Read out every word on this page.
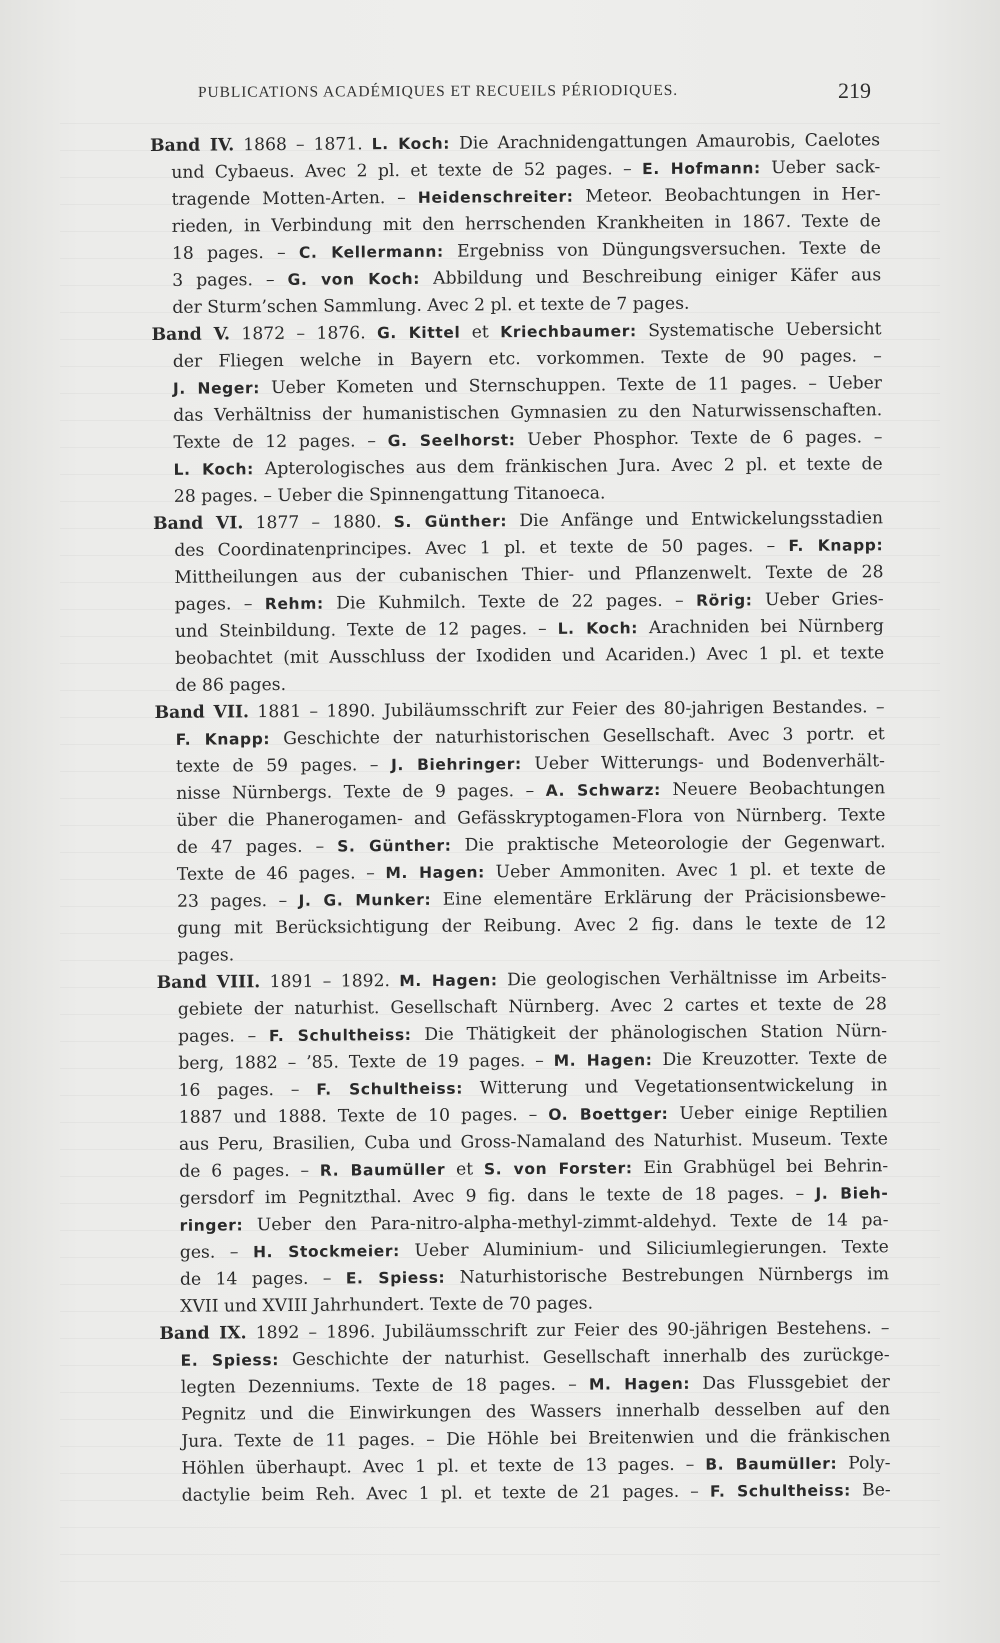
PUBLICATIONS ACADÉMIQUES ET RECUEILS PÉRIODIQUES.	219
Band IV. 1868 – 1871. L. Koch: Die Arachnidengattungen Amaurobis, Caelotes
und Cybaeus. Avec 2 pl. et texte de 52 pages. – E. Hofmann: Ueber sack-
tragende Motten-Arten. – Heidenschreiter: Meteor. Beobachtungen in Her-
rieden, in Verbindung mit den herrschenden Krankheiten in 1867. Texte de
18 pages. – C. Kellermann: Ergebniss von Düngungsversuchen. Texte de
3 pages. – G. von Koch: Abbildung und Beschreibung einiger Käfer aus
der Sturm’schen Sammlung. Avec 2 pl. et texte de 7 pages.
Band V. 1872 – 1876. G. Kittel et Kriechbaumer: Systematische Uebersicht
der Fliegen welche in Bayern etc. vorkommen. Texte de 90 pages. –
J. Neger: Ueber Kometen und Sternschuppen. Texte de 11 pages. – Ueber
das Verhältniss der humanistischen Gymnasien zu den Naturwissenschaften.
Texte de 12 pages. – G. Seelhorst: Ueber Phosphor. Texte de 6 pages. –
L. Koch: Apterologisches aus dem fränkischen Jura. Avec 2 pl. et texte de
28 pages. – Ueber die Spinnengattung Titanoeca.
Band VI. 1877 – 1880. S. Günther: Die Anfänge und Entwickelungsstadien
des Coordinatenprincipes. Avec 1 pl. et texte de 50 pages. – F. Knapp:
Mittheilungen aus der cubanischen Thier- und Pflanzenwelt. Texte de 28
pages. – Rehm: Die Kuhmilch. Texte de 22 pages. – Rörig: Ueber Gries-
und Steinbildung. Texte de 12 pages. – L. Koch: Arachniden bei Nürnberg
beobachtet (mit Ausschluss der Ixodiden und Acariden.) Avec 1 pl. et texte
de 86 pages.
Band VII. 1881 – 1890. Jubiläumsschrift zur Feier des 80-jahrigen Bestandes. –
F. Knapp: Geschichte der naturhistorischen Gesellschaft. Avec 3 portr. et
texte de 59 pages. – J. Biehringer: Ueber Witterungs- und Bodenverhält-
nisse Nürnbergs. Texte de 9 pages. – A. Schwarz: Neuere Beobachtungen
über die Phanerogamen- and Gefässkryptogamen-Flora von Nürnberg. Texte
de 47 pages. – S. Günther: Die praktische Meteorologie der Gegenwart.
Texte de 46 pages. – M. Hagen: Ueber Ammoniten. Avec 1 pl. et texte de
23 pages. – J. G. Munker: Eine elementäre Erklärung der Präcisionsbewe-
gung mit Berücksichtigung der Reibung. Avec 2 fig. dans le texte de 12
pages.
Band VIII. 1891 – 1892. M. Hagen: Die geologischen Verhältnisse im Arbeits-
gebiete der naturhist. Gesellschaft Nürnberg. Avec 2 cartes et texte de 28
pages. – F. Schultheiss: Die Thätigkeit der phänologischen Station Nürn-
berg, 1882 – ’85. Texte de 19 pages. – M. Hagen: Die Kreuzotter. Texte de
16 pages. – F. Schultheiss: Witterung und Vegetationsentwickelung in
1887 und 1888. Texte de 10 pages. – O. Boettger: Ueber einige Reptilien
aus Peru, Brasilien, Cuba und Gross-Namaland des Naturhist. Museum. Texte
de 6 pages. – R. Baumüller et S. von Forster: Ein Grabhügel bei Behrin-
gersdorf im Pegnitzthal. Avec 9 fig. dans le texte de 18 pages. – J. Bieh-
ringer: Ueber den Para-nitro-alpha-methyl-zimmt-aldehyd. Texte de 14 pa-
ges. – H. Stockmeier: Ueber Aluminium- und Siliciumlegierungen. Texte
de 14 pages. – E. Spiess: Naturhistorische Bestrebungen Nürnbergs im
XVII und XVIII Jahrhundert. Texte de 70 pages.
Band IX. 1892 – 1896. Jubiläumsschrift zur Feier des 90-jährigen Bestehens. –
E. Spiess: Geschichte der naturhist. Gesellschaft innerhalb des zurückge-
legten Dezenniums. Texte de 18 pages. – M. Hagen: Das Flussgebiet der
Pegnitz und die Einwirkungen des Wassers innerhalb desselben auf den
Jura. Texte de 11 pages. – Die Höhle bei Breitenwien und die fränkischen
Höhlen überhaupt. Avec 1 pl. et texte de 13 pages. – B. Baumüller: Poly-
dactylie beim Reh. Avec 1 pl. et texte de 21 pages. – F. Schultheiss: Be-
